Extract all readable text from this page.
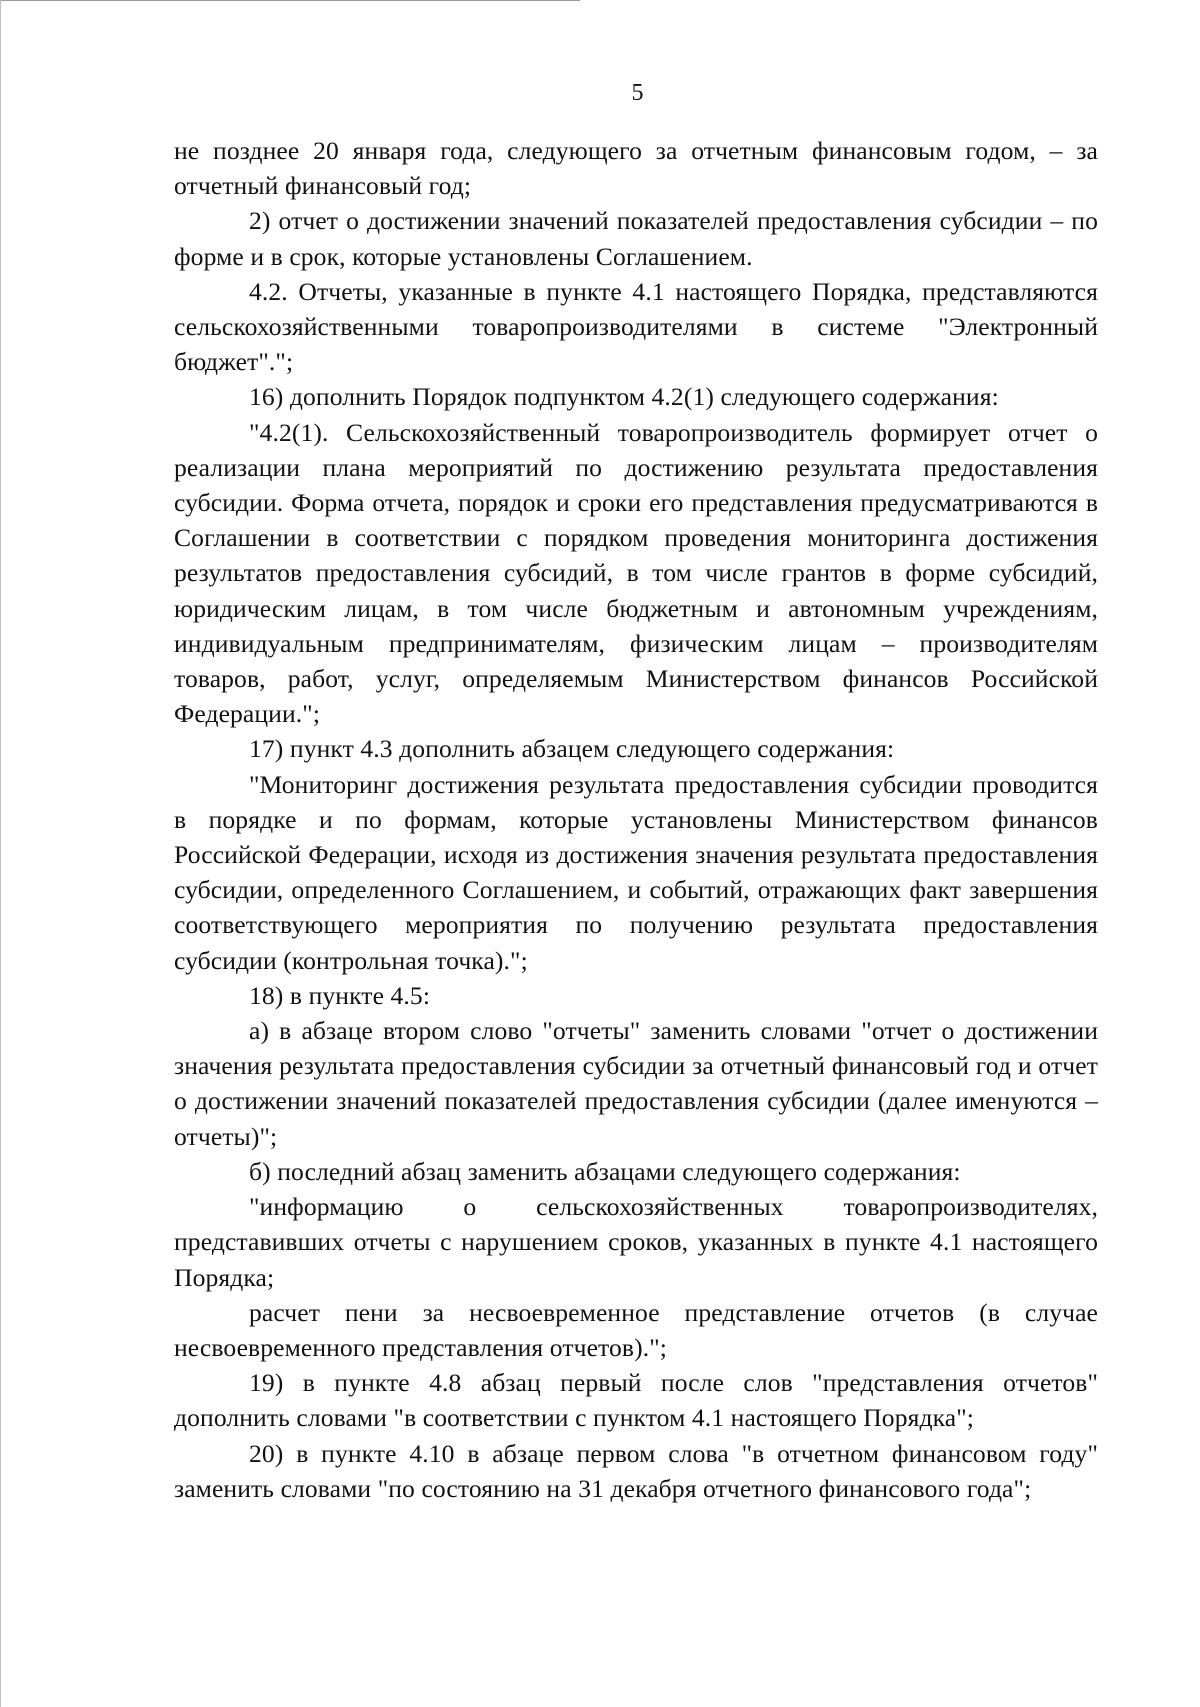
5

не позднее 20 января года, следующего за отчетным финансовым годом, – за отчетный финансовый год;

2) отчет о достижении значений показателей предоставления субсидии – по форме и в срок, которые установлены Соглашением.

4.2. Отчеты, указанные в пункте 4.1 настоящего Порядка, представляются сельскохозяйственными товаропроизводителями в системе "Электронный бюджет".";

16) дополнить Порядок подпунктом 4.2(1) следующего содержания:

"4.2(1). Сельскохозяйственный товаропроизводитель формирует отчет о реализации плана мероприятий по достижению результата предоставления субсидии. Форма отчета, порядок и сроки его представления предусматриваются в Соглашении в соответствии с порядком проведения мониторинга достижения результатов предоставления субсидий, в том числе грантов в форме субсидий, юридическим лицам, в том числе бюджетным и автономным учреждениям, индивидуальным предпринимателям, физическим лицам – производителям товаров, работ, услуг, определяемым Министерством финансов Российской Федерации.";

17) пункт 4.3 дополнить абзацем следующего содержания:

"Мониторинг достижения результата предоставления субсидии проводится в порядке и по формам, которые установлены Министерством финансов Российской Федерации, исходя из достижения значения результата предоставления субсидии, определенного Соглашением, и событий, отражающих факт завершения соответствующего мероприятия по получению результата предоставления субсидии (контрольная точка).";

18) в пункте 4.5:

а) в абзаце втором слово "отчеты" заменить словами "отчет о достижении значения результата предоставления субсидии за отчетный финансовый год и отчет о достижении значений показателей предоставления субсидии (далее именуются – отчеты)";

б) последний абзац заменить абзацами следующего содержания:

"информацию о сельскохозяйственных товаропроизводителях, представивших отчеты с нарушением сроков, указанных в пункте 4.1 настоящего Порядка;

расчет пени за несвоевременное представление отчетов (в случае несвоевременного представления отчетов).";

19) в пункте 4.8 абзац первый после слов "представления отчетов" дополнить словами "в соответствии с пунктом 4.1 настоящего Порядка";

20) в пункте 4.10 в абзаце первом слова "в отчетном финансовом году" заменить словами "по состоянию на 31 декабря отчетного финансового года";
